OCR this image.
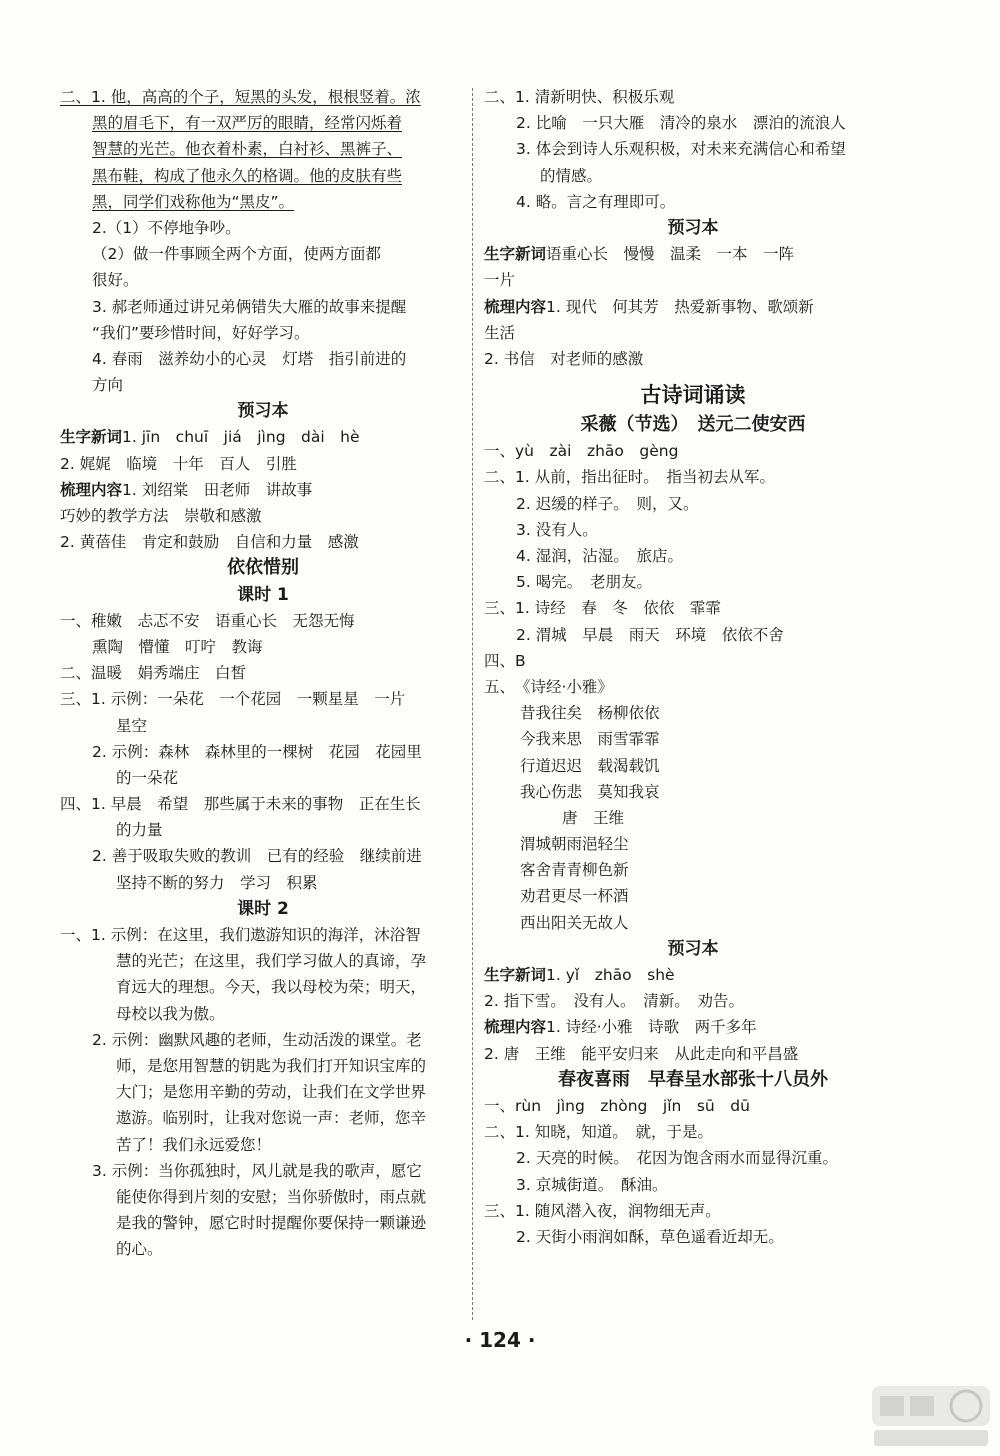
二、1. 他，高高的个子，短黑的头发，根根竖着。浓
黑的眉毛下，有一双严厉的眼睛，经常闪烁着
智慧的光芒。他衣着朴素，白衬衫、黑裤子、
黑布鞋，构成了他永久的格调。他的皮肤有些
黑，同学们戏称他为“黑皮”。
2.（1）不停地争吵。
（2）做一件事顾全两个方面，使两方面都
很好。
3. 郝老师通过讲兄弟俩错失大雁的故事来提醒
“我们”要珍惜时间，好好学习。
4. 春雨　滋养幼小的心灵　灯塔　指引前进的
方向
预习本
生字新词1. jīn　chuī　jiá　jìng　dài　hè
2. 娓娓　临境　十年　百人　引胜
梳理内容1. 刘绍棠　田老师　讲故事
巧妙的教学方法　崇敬和感激
2. 黄蓓佳　肯定和鼓励　自信和力量　感激
依依惜别
课时 1
一、稚嫩　忐忑不安　语重心长　无怨无悔
熏陶　懵懂　叮咛　教诲
二、温暖　娟秀端庄　白皙
三、1. 示例：一朵花　一个花园　一颗星星　一片
星空
2. 示例：森林　森林里的一棵树　花园　花园里
的一朵花
四、1. 早晨　希望　那些属于未来的事物　正在生长
的力量
2. 善于吸取失败的教训　已有的经验　继续前进
坚持不断的努力　学习　积累
课时 2
一、1. 示例：在这里，我们遨游知识的海洋，沐浴智
慧的光芒；在这里，我们学习做人的真谛，孕
育远大的理想。今天，我以母校为荣；明天，
母校以我为傲。
2. 示例：幽默风趣的老师，生动活泼的课堂。老
师，是您用智慧的钥匙为我们打开知识宝库的
大门；是您用辛勤的劳动，让我们在文学世界
遨游。临别时，让我对您说一声：老师，您辛
苦了！我们永远爱您！
3. 示例：当你孤独时，风儿就是我的歌声，愿它
能使你得到片刻的安慰；当你骄傲时，雨点就
是我的警钟，愿它时时提醒你要保持一颗谦逊
的心。
二、1. 清新明快、积极乐观
2. 比喻　一只大雁　清冷的泉水　漂泊的流浪人
3. 体会到诗人乐观积极，对未来充满信心和希望
的情感。
4. 略。言之有理即可。
预习本
生字新词语重心长　慢慢　温柔　一本　一阵
一片
梳理内容1. 现代　何其芳　热爱新事物、歌颂新
生活
2. 书信　对老师的感激
古诗词诵读
采薇（节选）　送元二使安西
一、yù　zài　zhāo　gèng
二、1. 从前，指出征时。　指当初去从军。
2. 迟缓的样子。　则，又。
3. 没有人。
4. 湿润，沾湿。　旅店。
5. 喝完。　老朋友。
三、1. 诗经　春　冬　依依　霏霏
2. 渭城　早晨　雨天　环境　依依不舍
四、B
五、　《诗经·小雅》
昔我往矣　杨柳依依
今我来思　雨雪霏霏
行道迟迟　载渴载饥
我心伤悲　莫知我哀
唐　王维
渭城朝雨浥轻尘
客舍青青柳色新
劝君更尽一杯酒
西出阳关无故人
预习本
生字新词1. yǐ　zhāo　shè
2. 指下雪。　没有人。　清新。　劝告。
梳理内容1. 诗经·小雅　诗歌　两千多年
2. 唐　王维　能平安归来　从此走向和平昌盛
春夜喜雨　早春呈水部张十八员外
一、rùn　jìng　zhòng　jǐn　sū　dū
二、1. 知晓，知道。　就，于是。
2. 天亮的时候。　花因为饱含雨水而显得沉重。
3. 京城街道。　酥油。
三、1. 随风潜入夜，润物细无声。
2. 天街小雨润如酥，草色遥看近却无。
· 124 ·
